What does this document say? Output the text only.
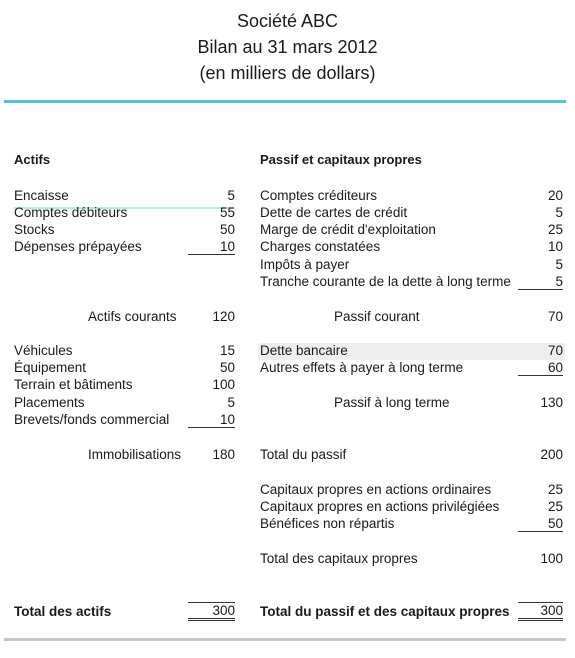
Société ABC
Bilan au 31 mars 2012
(en milliers de dollars)
Actifs
Encaisse	5
Comptes débiteurs	55
Stocks	50
Dépenses prépayées	10
Actifs courants	120
Véhicules	15
Équipement	50
Terrain et bâtiments	100
Placements	5
Brevets/fonds commercial	10
Immobilisations	180
Total des actifs	300
Passif et capitaux propres
Comptes créditeurs	20
Dette de cartes de crédit	5
Marge de crédit d'exploitation	25
Charges constatées	10
Impôts à payer	5
Tranche courante de la dette à long terme	5
Passif courant	70
Dette bancaire	70
Autres effets à payer à long terme	60
Passif à long terme	130
Total du passif	200
Capitaux propres en actions ordinaires	25
Capitaux propres en actions privilégiées	25
Bénéfices non répartis	50
Total des capitaux propres	100
Total du passif et des capitaux propres	300
